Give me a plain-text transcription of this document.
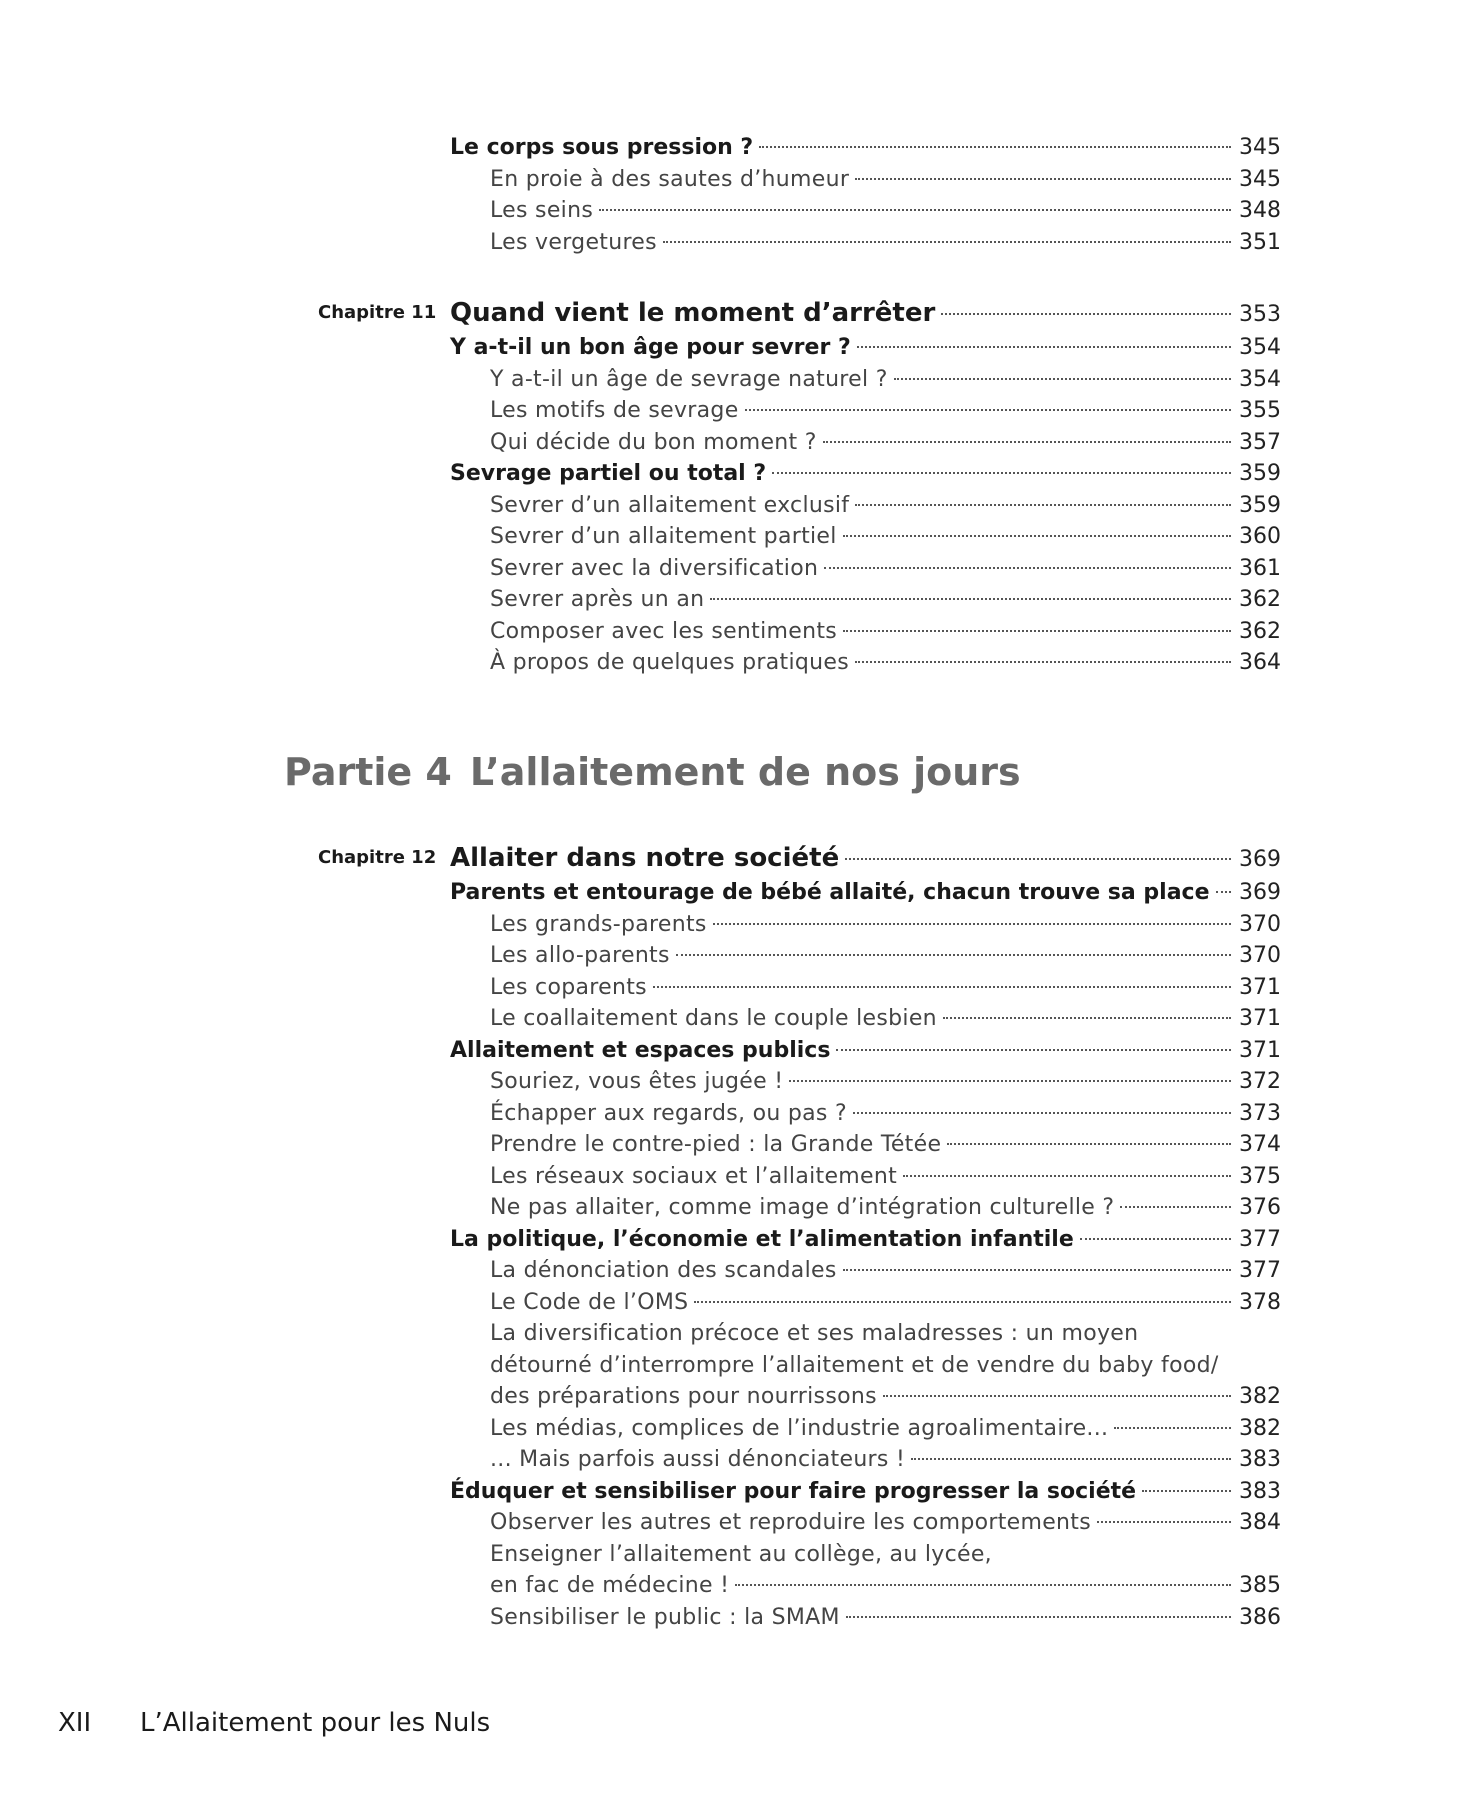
Le corps sous pression ?	345
En proie à des sautes d’humeur	345
Les seins	348
Les vergetures	351
Chapitre 11 Quand vient le moment d’arrêter	353
Y a-t-il un bon âge pour sevrer ?	354
Y a-t-il un âge de sevrage naturel ?	354
Les motifs de sevrage	355
Qui décide du bon moment ?	357
Sevrage partiel ou total ?	359
Sevrer d’un allaitement exclusif	359
Sevrer d’un allaitement partiel	360
Sevrer avec la diversification	361
Sevrer après un an	362
Composer avec les sentiments	362
À propos de quelques pratiques	364
Partie 4 L’allaitement de nos jours
Chapitre 12 Allaiter dans notre société	369
Parents et entourage de bébé allaité, chacun trouve sa place 369
Les grands-parents	370
Les allo-parents	370
Les coparents	371
Le coallaitement dans le couple lesbien	371
Allaitement et espaces publics	371
Souriez, vous êtes jugée !	372
Échapper aux regards, ou pas ?	373
Prendre le contre-pied : la Grande Tétée	374
Les réseaux sociaux et l’allaitement	375
Ne pas allaiter, comme image d’intégration culturelle ?	376
La politique, l’économie et l’alimentation infantile	377
La dénonciation des scandales	377
Le Code de l’OMS	378
La diversification précoce et ses maladresses : un moyen
détourné d’interrompre l’allaitement et de vendre du baby food/
des préparations pour nourrissons	382
Les médias, complices de l’industrie agroalimentaire...	382
... Mais parfois aussi dénonciateurs !	383
Éduquer et sensibiliser pour faire progresser la société	383
Observer les autres et reproduire les comportements	384
Enseigner l’allaitement au collège, au lycée,
en fac de médecine !	385
Sensibiliser le public : la SMAM	386
XII L’Allaitement pour les Nuls
